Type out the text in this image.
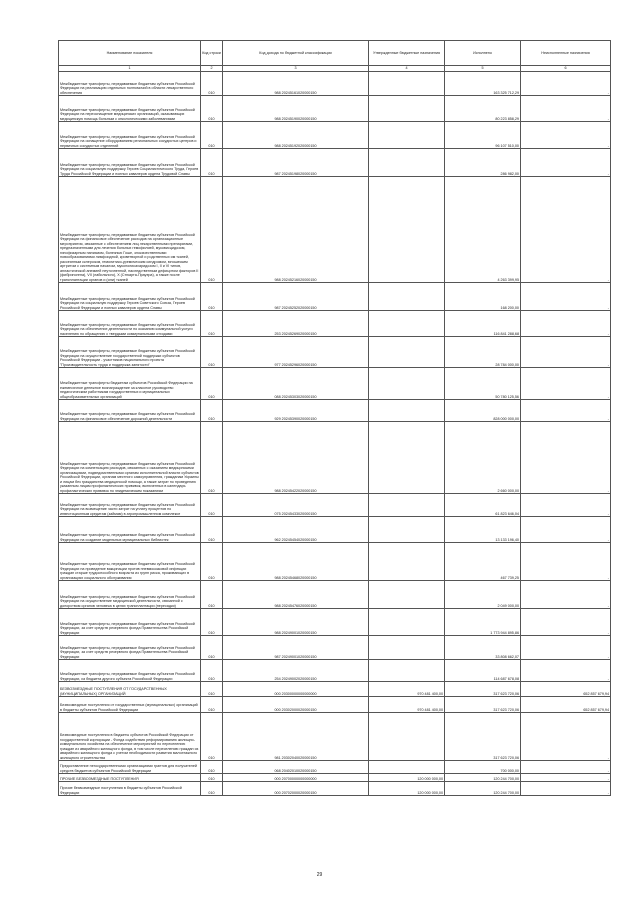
Наименование показателя	Код строки	Код дохода по бюджетной классификации	Утвержденные бюджетные назначения	Исполнено	Неисполненные назначения
1	2	3	4	5	6
Межбюджетные трансферты, передаваемые бюджетам субъектов Российской Федерации на реализацию отдельных полномочий в области лекарственного обеспечения	010	988 20245161020000150		163 325 712,29	-
Межбюджетные трансферты, передаваемые бюджетам субъектов Российской Федерации на переоснащение медицинских организаций, оказывающих медицинскую помощь больным с онкологическими заболеваниями	010	988 20245190020000150		80 223 858,29	-
Межбюджетные трансферты, передаваемые бюджетам субъектов Российской Федерации на оснащение оборудованием региональных сосудистых центров и первичных сосудистых отделений	010	988 20245192020000150		96 107 510,00	-
Межбюджетные трансферты, передаваемые бюджетам субъектов Российской Федерации на социальную поддержку Героев Социалистического Труда, Героев Труда Российской Федерации и полных кавалеров ордена Трудовой Славы	010	987 20245198020000150		286 982,00	-
Межбюджетные трансферты, передаваемые бюджетам субъектов Российской Федерации на финансовое обеспечение расходов на организационные мероприятия, связанные с обеспечением лиц лекарственными препаратами, предназначенными для лечения больных гемофилией, муковисцидозом, гипофизарным нанизмом, болезнью Гоше, злокачественными новообразованиями лимфоидной, кроветворной и родственных им тканей, рассеянным склерозом, гемолитико-уремическим синдромом, юношеским артритом с системным началом, мукополисахаридозом I, II и VI типов, апластической анемией неуточненной, наследственным дефицитом факторов II (фибриногена), VII (лабильного), X (Стюарта-Прауэра), а также после трансплантации органов и (или) тканей	010	988 20245216020000150		4 263 399,95	-
Межбюджетные трансферты, передаваемые бюджетам субъектов Российской Федерации на социальную поддержку Героев Советского Союза, Героев Российской Федерации и полных кавалеров ордена Славы	010	987 20245252020000150		168 200,00	-
Межбюджетные трансферты, передаваемые бюджетам субъектов Российской Федерации на обеспечение деятельности по оказанию коммунальной услуги населению по обращению с твердыми коммунальными отходами	010	253 20245269020000150		116 841 288,68	-
Межбюджетные трансферты, передаваемые бюджетам субъектов Российской Федерации на осуществление государственной поддержки субъектов Российской Федерации - участников национального проекта "Производительность труда и поддержка занятости"	010	977 20245296020000150		28 784 000,00	-
Межбюджетные трансферты бюджетам субъектов Российской Федерации на ежемесячное денежное вознаграждение за классное руководство педагогическим работникам государственных и муниципальных общеобразовательных организаций	010	088 20245303020000150		50 780 125,56	-
Межбюджетные трансферты, передаваемые бюджетам субъектов Российской Федерации на финансовое обеспечение дорожной деятельности	010	929 20245390020000150		828 000 000,00	-
Межбюджетные трансферты, передаваемые бюджетам субъектов Российской Федерации на компенсацию расходов, связанных с оказанием медицинскими организациями, подведомственными органам исполнительной власти субъектов Российской Федерации, органам местного самоуправления, гражданам Украины и лицам без гражданства медицинской помощи, а также затрат по проведению указанным лицам профилактических прививок, включенных в календарь профилактических прививок по эпидемическим показаниям	010	988 20245422020000150		2 660 000,00	-
Межбюджетные трансферты, передаваемые бюджетам субъектов Российской Федерации на возмещение части затрат на уплату процентов по инвестиционным кредитам (займам) в агропромышленном комплексе	010	075 20245433020000150		61 823 646,04	-
Межбюджетные трансферты, передаваемые бюджетам субъектов Российской Федерации на создание модельных муниципальных библиотек	010	962 20245454020000150		13 133 196,40	-
Межбюджетные трансферты, передаваемые бюджетам субъектов Российской Федерации на проведение вакцинации против пневмококковой инфекции граждан старше трудоспособного возраста из групп риска, проживающих в организациях социального обслуживания	010	988 20245468020000150		467 739,25	-
Межбюджетные трансферты, передаваемые бюджетам субъектов Российской Федерации на осуществление медицинской деятельности, связанной с донорством органов человека в целях трансплантации (пересадки)	010	988 20245476020000150		2 049 000,00	-
Межбюджетные трансферты, передаваемые бюджетам субъектов Российской Федерации, за счет средств резервного фонда Правительства Российской Федерации	010	988 20249001020000150		1 773 944 895,86	-
Межбюджетные трансферты, передаваемые бюджетам субъектов Российской Федерации, за счет средств резервного фонда Правительства Российской Федерации	010	987 20249001020000150		33 808 662,07	-
Межбюджетные трансферты, передаваемые бюджетам субъектов Российской Федерации, из бюджета другого субъекта Российской Федерации	010	254 20249002020000150		114 687 678,08	-
БЕЗВОЗМЕЗДНЫЕ ПОСТУПЛЕНИЯ ОТ ГОСУДАРСТВЕННЫХ (МУНИЦИПАЛЬНЫХ) ОРГАНИЗАЦИЙ	010	000 20300000000000000	970 481 400,00	317 623 720,06	652 857 679,94
Безвозмездные поступления от государственных (муниципальных) организаций в бюджеты субъектов Российской Федерации	010	000 20302000020000150	970 481 400,00	317 623 720,06	652 857 679,94
Безвозмездные поступления в бюджеты субъектов Российской Федерации от государственной корпорации - Фонда содействия реформированию жилищно-коммунального хозяйства на обеспечение мероприятий по переселению граждан из аварийного жилищного фонда, в том числе переселению граждан из аварийного жилищного фонда с учетом необходимости развития малоэтажного жилищного строительства	010	981 20302040020000150		317 623 720,06	-
Предоставление негосударственными организациями грантов для получателей средств бюджетов субъектов Российской Федерации	010	068 20402010020000150		700 000,00	-
ПРОЧИЕ БЕЗВОЗМЕЗДНЫЕ ПОСТУПЛЕНИЯ	010	000 20700000000000000	120 000 000,00	120 244 700,00	-
Прочие безвозмездные поступления в бюджеты субъектов Российской Федерации	010	000 20702000020000150	120 000 000,00	120 244 700,00	-
29
